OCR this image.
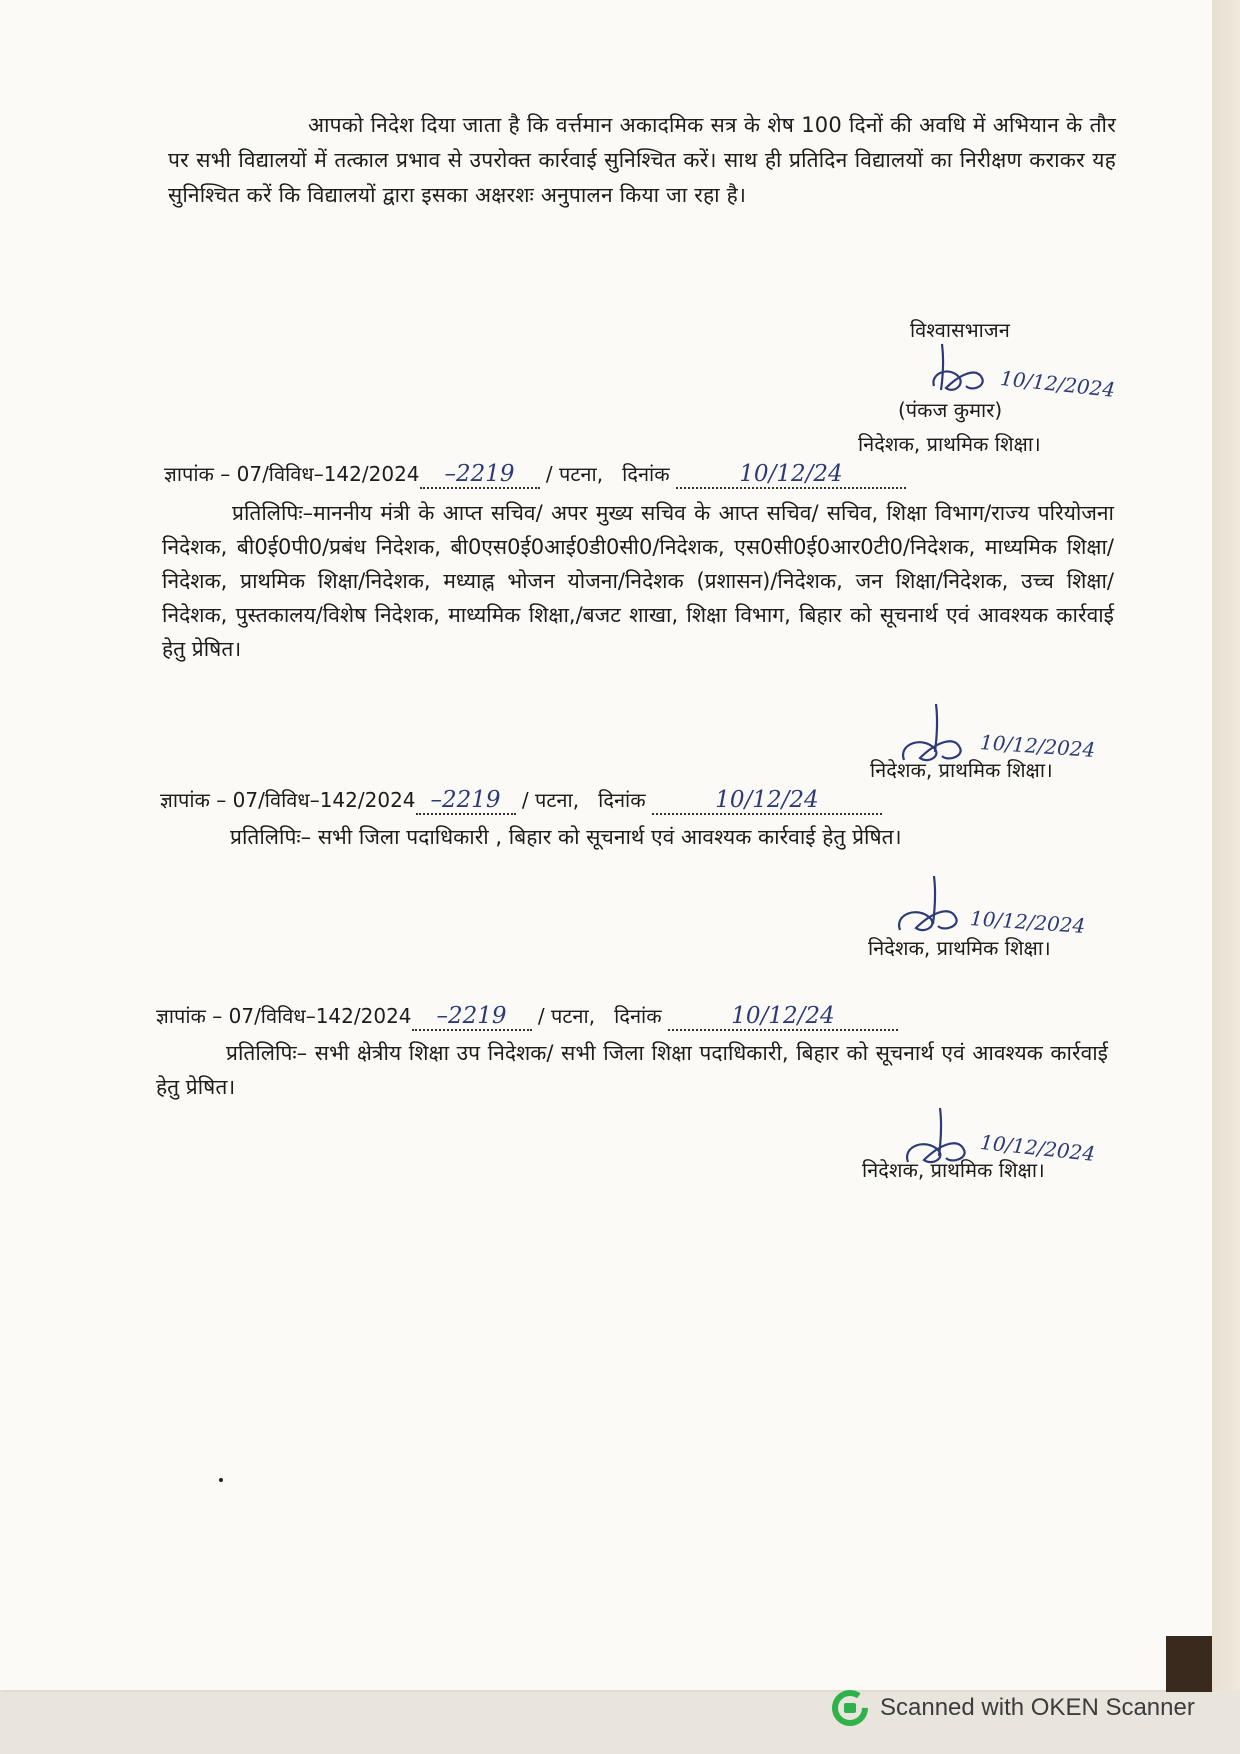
आपको निदेश दिया जाता है कि वर्त्तमान अकादमिक सत्र के शेष 100 दिनों की अवधि में अभियान के तौर पर सभी विद्यालयों में तत्काल प्रभाव से उपरोक्त कार्रवाई सुनिश्चित करें। साथ ही प्रतिदिन विद्यालयों का निरीक्षण कराकर यह सुनिश्चित करें कि विद्यालयों द्वारा इसका अक्षरशः अनुपालन किया जा रहा है।
विश्वासभाजन
10/12/2024
(पंकज कुमार)
निदेशक, प्राथमिक शिक्षा।
ज्ञापांक – 07/विविध–142/2024 –2219 / पटना, दिनांक	10/12/24
प्रतिलिपिः–माननीय मंत्री के आप्त सचिव/ अपर मुख्य सचिव के आप्त सचिव/ सचिव, शिक्षा विभाग/राज्य परियोजना निदेशक, बी0ई0पी0/प्रबंध निदेशक, बी0एस0ई0आई0डी0सी0/निदेशक, एस0सी0ई0आर0टी0/निदेशक, माध्यमिक शिक्षा/निदेशक, प्राथमिक शिक्षा/निदेशक, मध्याह्न भोजन योजना/निदेशक (प्रशासन)/निदेशक, जन शिक्षा/निदेशक, उच्च शिक्षा/निदेशक, पुस्तकालय/विशेष निदेशक, माध्यमिक शिक्षा,/बजट शाखा, शिक्षा विभाग, बिहार को सूचनार्थ एवं आवश्यक कार्रवाई हेतु प्रेषित।
10/12/2024
निदेशक, प्राथमिक शिक्षा।
ज्ञापांक – 07/विविध–142/2024 –2219 / पटना, दिनांक	10/12/24
प्रतिलिपिः– सभी जिला पदाधिकारी , बिहार को सूचनार्थ एवं आवश्यक कार्रवाई हेतु प्रेषित।
10/12/2024
निदेशक, प्राथमिक शिक्षा।
ज्ञापांक – 07/विविध–142/2024 –2219 / पटना, दिनांक	10/12/24
प्रतिलिपिः– सभी क्षेत्रीय शिक्षा उप निदेशक/ सभी जिला शिक्षा पदाधिकारी, बिहार को सूचनार्थ एवं आवश्यक कार्रवाई हेतु प्रेषित।
10/12/2024
निदेशक, प्राथमिक शिक्षा।
Scanned with OKEN Scanner
